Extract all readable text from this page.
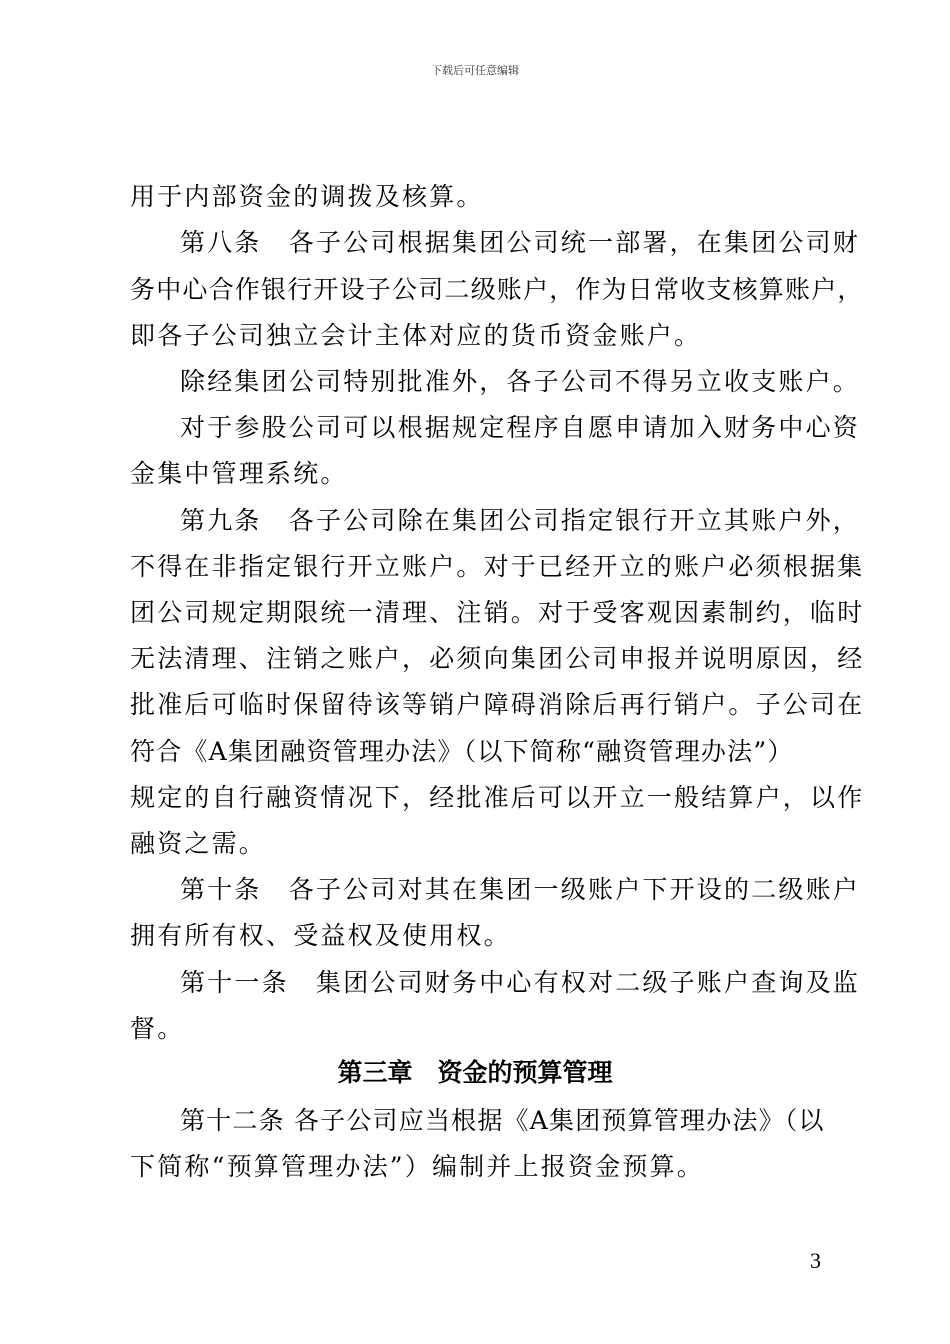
下载后可任意编辑
用于内部资金的调拨及核算。
第八条　各子公司根据集团公司统一部署，在集团公司财
务中心合作银行开设子公司二级账户，作为日常收支核算账户，
即各子公司独立会计主体对应的货币资金账户。
除经集团公司特别批准外，各子公司不得另立收支账户。
对于参股公司可以根据规定程序自愿申请加入财务中心资
金集中管理系统。
第九条　各子公司除在集团公司指定银行开立其账户外，
不得在非指定银行开立账户。对于已经开立的账户必须根据集
团公司规定期限统一清理、注销。对于受客观因素制约，临时
无法清理、注销之账户，必须向集团公司申报并说明原因，经
批准后可临时保留待该等销户障碍消除后再行销户。子公司在
符合《A集团融资管理办法》（以下简称“融资管理办法”）
规定的自行融资情况下，经批准后可以开立一般结算户，以作
融资之需。
第十条　各子公司对其在集团一级账户下开设的二级账户
拥有所有权、受益权及使用权。
第十一条　集团公司财务中心有权对二级子账户查询及监
督。
第三章　资金的预算管理
第十二条 各子公司应当根据《A集团预算管理办法》（以
下简称“预算管理办法”）编制并上报资金预算。
3
